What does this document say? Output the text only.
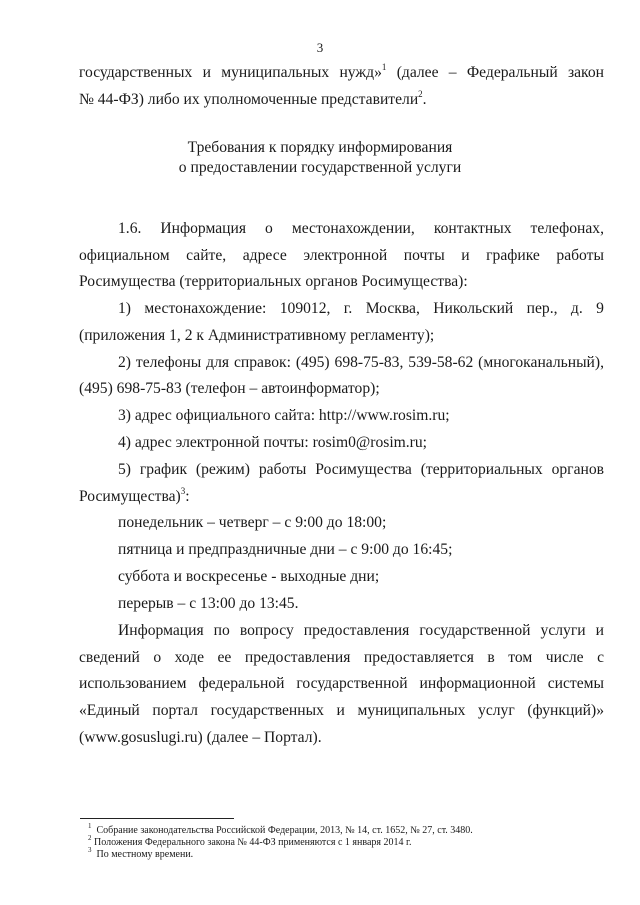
3
государственных и муниципальных нужд»$^1$ (далее – Федеральный закон
№ 44-ФЗ) либо их уполномоченные представители$^2$.
Требования к порядку информирования
о предоставлении государственной услуги
1.6. Информация о местонахождении, контактных телефонах,
официальном сайте, адресе электронной почты и графике работы
Росимущества (территориальных органов Росимущества):
1) местонахождение: 109012, г. Москва, Никольский пер., д. 9
(приложения 1, 2 к Административному регламенту);
2) телефоны для справок: (495) 698-75-83, 539-58-62 (многоканальный),
(495) 698-75-83 (телефон – автоинформатор);
3) адрес официального сайта: http://www.rosim.ru;
4) адрес электронной почты: rosim0@rosim.ru;
5) график (режим) работы Росимущества (территориальных органов
Росимущества)$^3$:
понедельник – четверг – с 9:00 до 18:00;
пятница и предпраздничные дни – с 9:00 до 16:45;
суббота и воскресенье - выходные дни;
перерыв – с 13:00 до 13:45.
Информация по вопросу предоставления государственной услуги и
сведений о ходе ее предоставления предоставляется в том числе с
использованием федеральной государственной информационной системы
«Единый портал государственных и муниципальных услуг (функций)»
(www.gosuslugi.ru) (далее – Портал).
$^1$ Собрание законодательства Российской Федерации, 2013, № 14, ст. 1652, № 27, ст. 3480.
$^2$ Положения Федерального закона № 44-ФЗ применяются с 1 января 2014 г.
$^3$ По местному времени.
